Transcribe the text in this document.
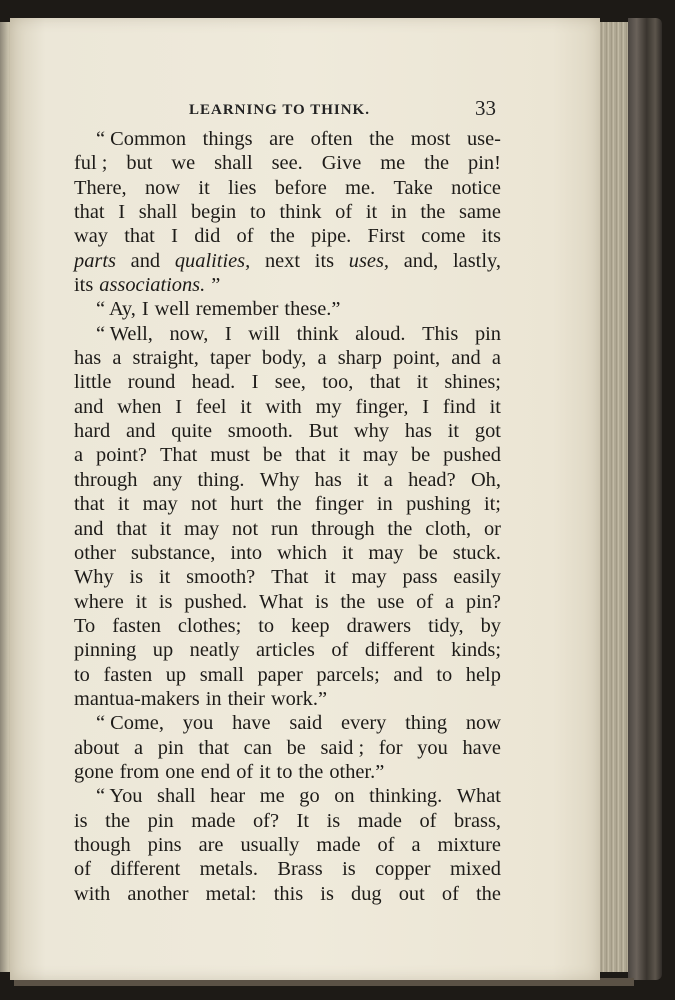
LEARNING TO THINK.	33
“ Common things are often the most use-
ful ; but we shall see. Give me the pin!
There, now it lies before me. Take notice
that I shall begin to think of it in the same
way that I did of the pipe. First come its
parts and qualities, next its uses, and, lastly,
its associations. ”
“ Ay, I well remember these.”
“ Well, now, I will think aloud. This pin
has a straight, taper body, a sharp point, and a
little round head. I see, too, that it shines;
and when I feel it with my finger, I find it
hard and quite smooth. But why has it got
a point? That must be that it may be pushed
through any thing. Why has it a head? Oh,
that it may not hurt the finger in pushing it;
and that it may not run through the cloth, or
other substance, into which it may be stuck.
Why is it smooth? That it may pass easily
where it is pushed. What is the use of a pin?
To fasten clothes; to keep drawers tidy, by
pinning up neatly articles of different kinds;
to fasten up small paper parcels; and to help
mantua-makers in their work.”
“ Come, you have said every thing now
about a pin that can be said ; for you have
gone from one end of it to the other.”
“ You shall hear me go on thinking. What
is the pin made of? It is made of brass,
though pins are usually made of a mixture
of different metals. Brass is copper mixed
with another metal: this is dug out of the
